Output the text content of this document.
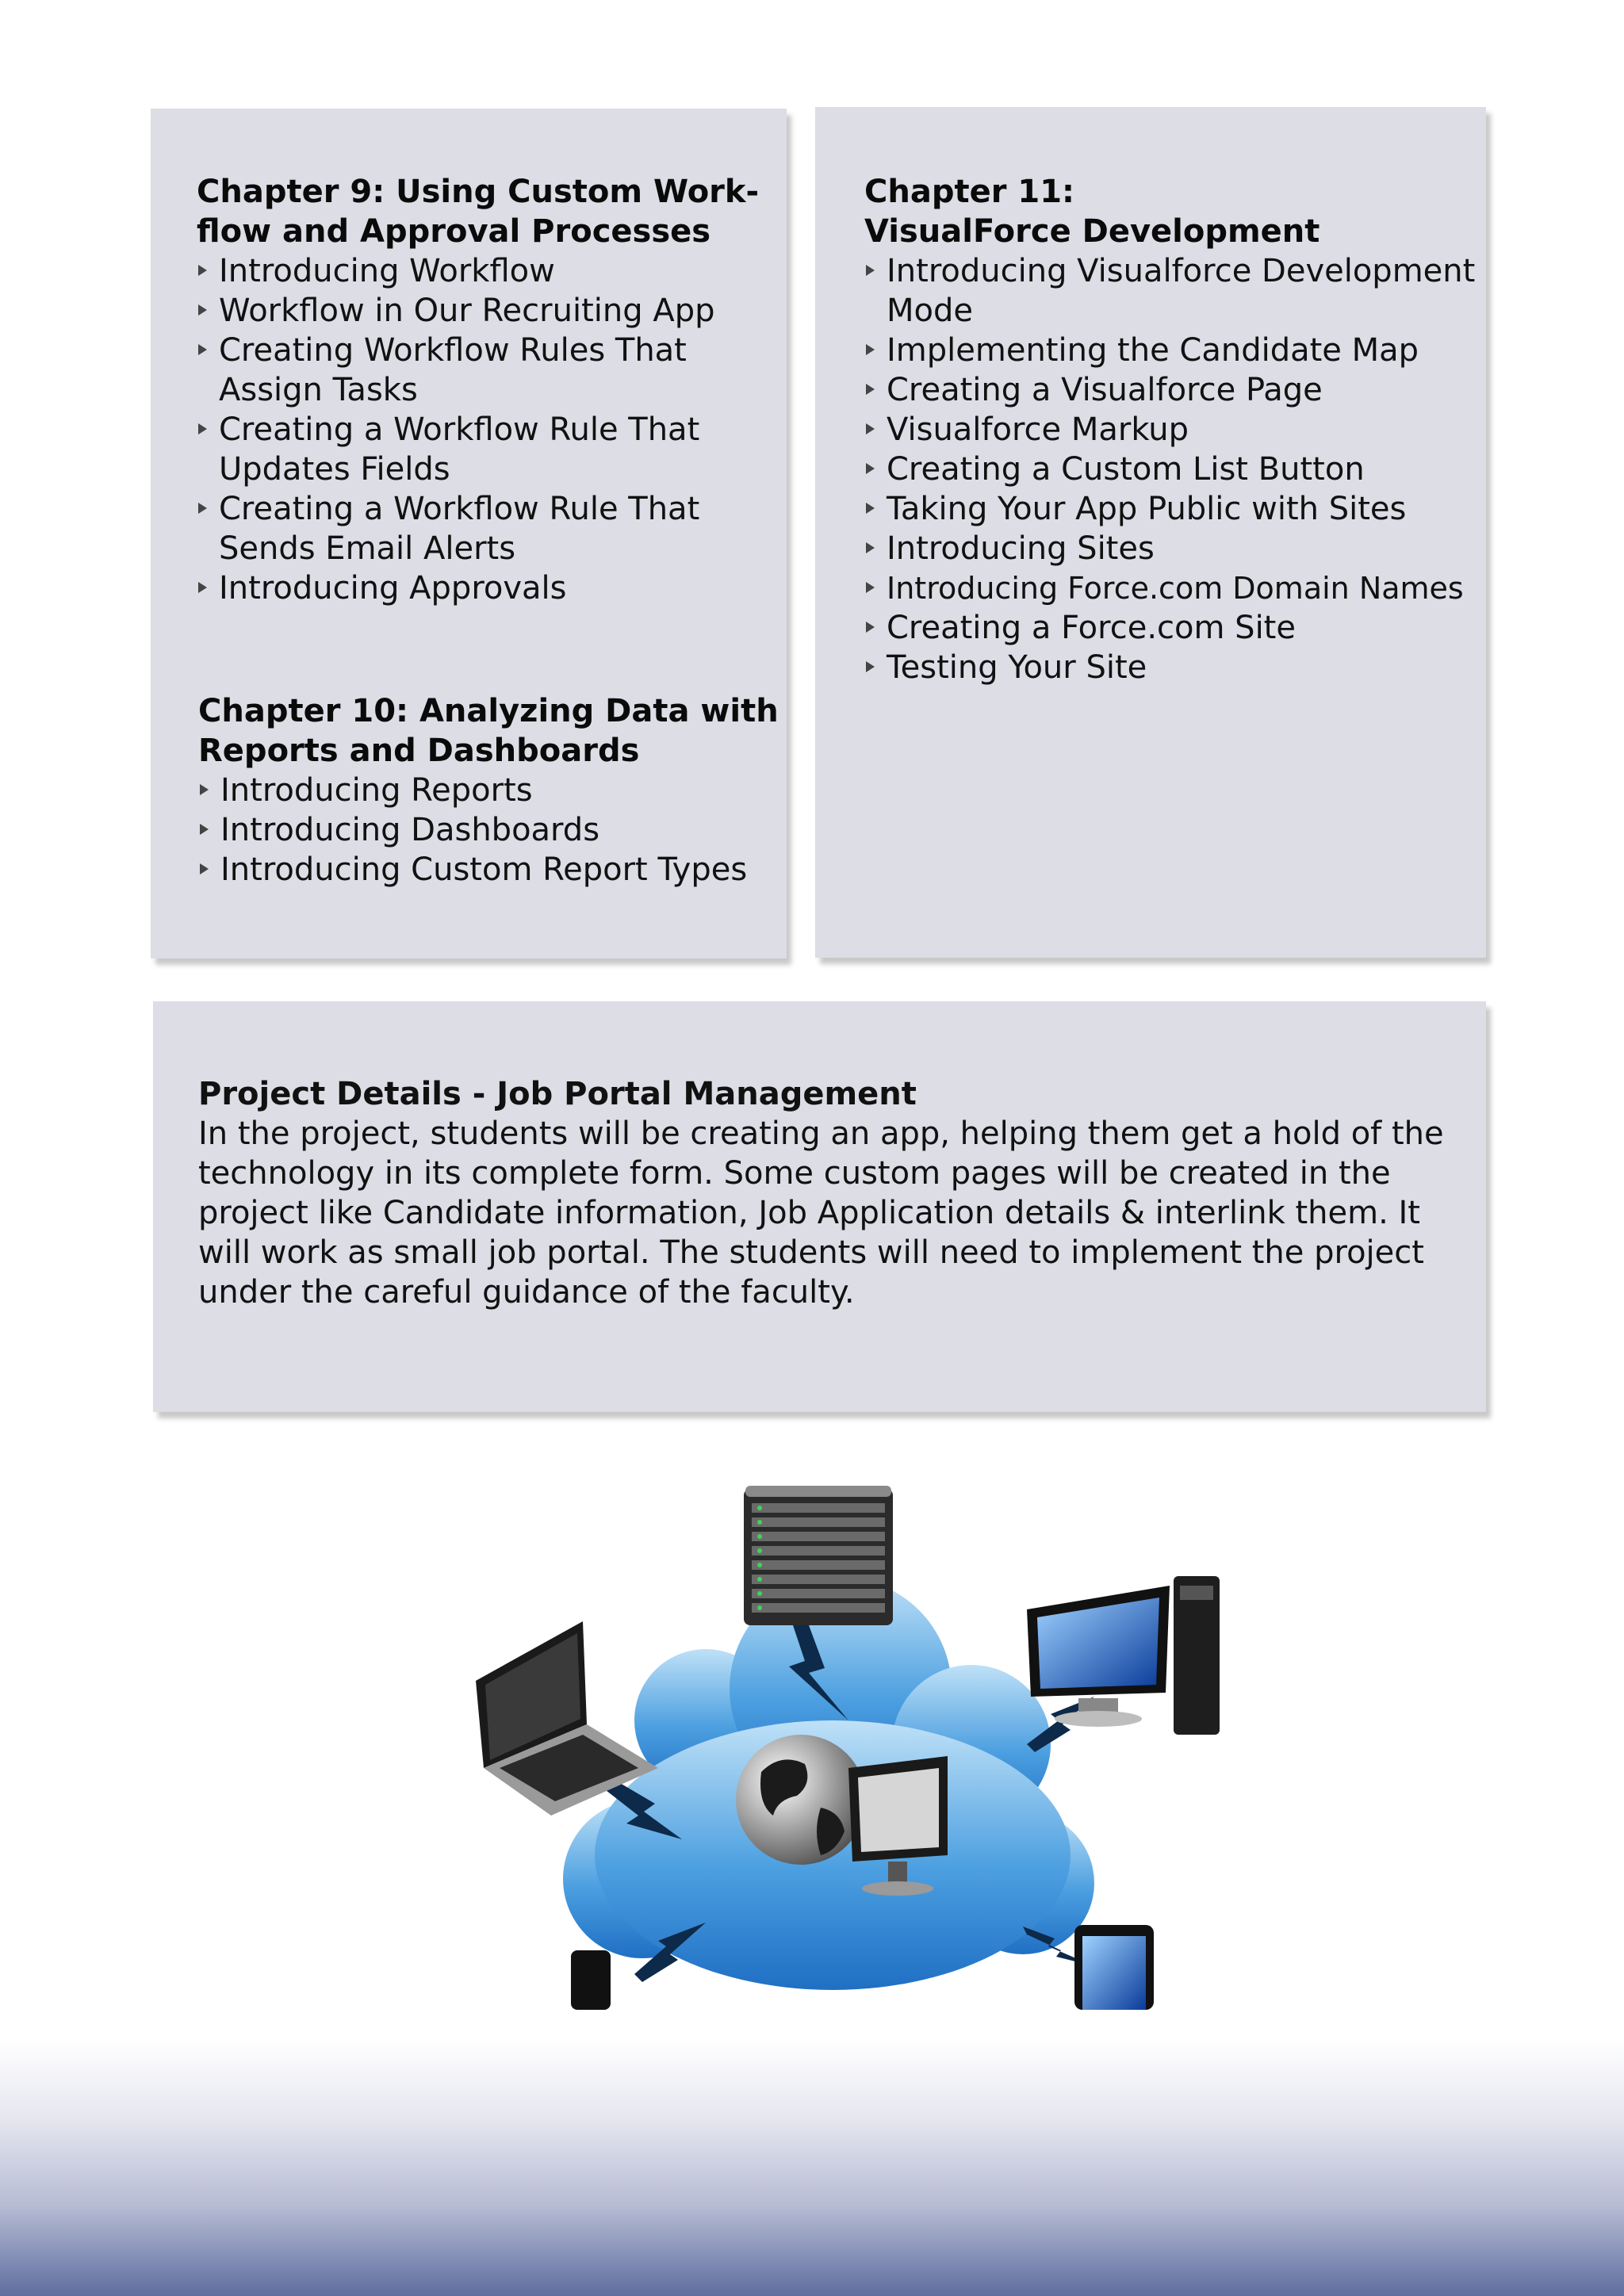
Chapter 9: Using Custom Work-
flow and Approval Processes
Introducing Workflow
Workflow in Our Recruiting App
Creating Workflow Rules That Assign Tasks
Creating a Workflow Rule That Updates Fields
Creating a Workflow Rule That Sends Email Alerts
Introducing Approvals
Chapter 10: Analyzing Data with
Reports and Dashboards
Introducing Reports
Introducing Dashboards
Introducing Custom Report Types
Chapter 11:
VisualForce Development
Introducing Visualforce Development Mode
Implementing the Candidate Map
Creating a Visualforce Page
Visualforce Markup
Creating a Custom List Button
Taking Your App Public with Sites
Introducing Sites
Introducing Force.com Domain Names
Creating a Force.com Site
Testing Your Site
Project Details - Job Portal Management

In the project, students will be creating an app, helping them get a hold of the technology in its complete form. Some custom pages will be created in the project like Candidate information, Job Application details & interlink them. It will work as small job portal. The students will need to implement the project under the careful guidance of the faculty.
